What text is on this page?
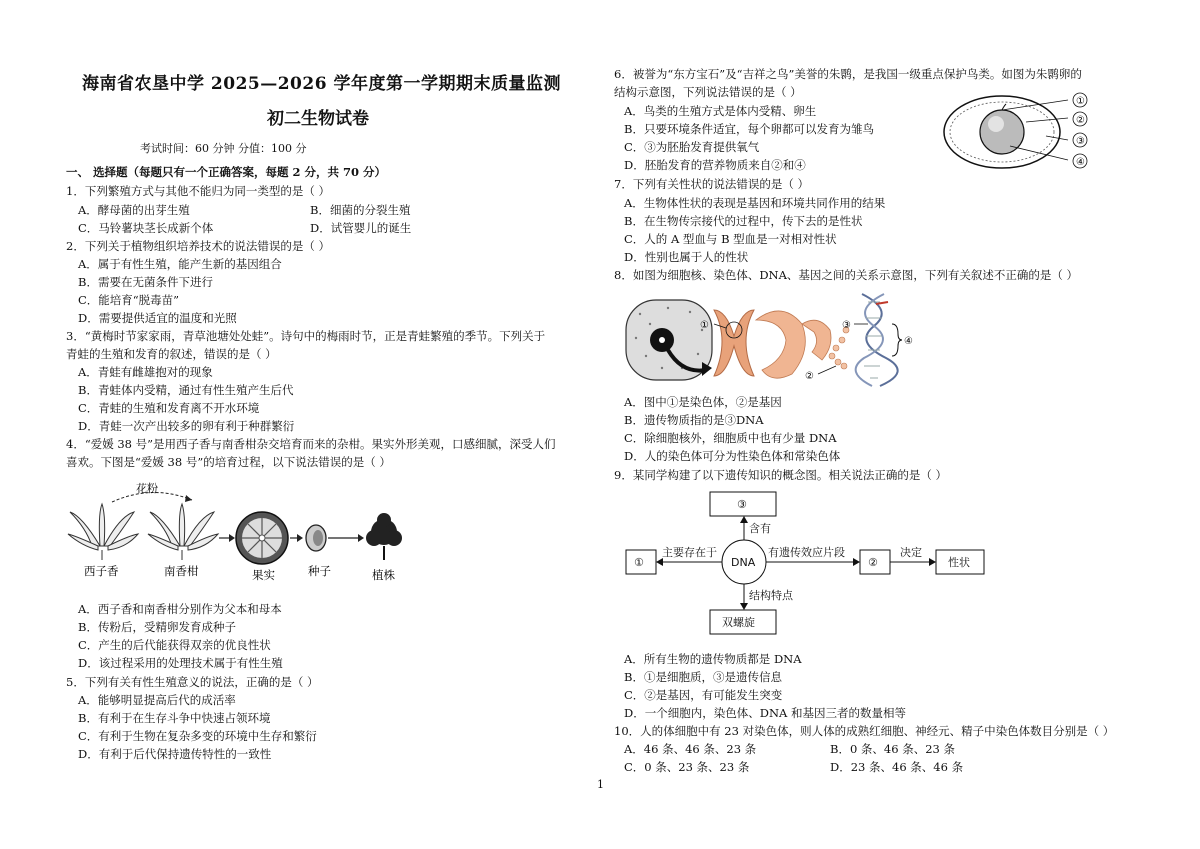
海南省农垦中学 2025—2026 学年度第一学期期末质量监测
初二生物试卷
考试时间：60 分钟 分值：100 分
一、 选择题（每题只有一个正确答案，每题 2 分，共 70 分）
1．下列繁殖方式与其他不能归为同一类型的是（ ）
A．酵母菌的出芽生殖	B．细菌的分裂生殖
C．马铃薯块茎长成新个体	D．试管婴儿的诞生
2．下列关于植物组织培养技术的说法错误的是（ ）
A．属于有性生殖，能产生新的基因组合
B．需要在无菌条件下进行
C．能培育“脱毒苗”
D．需要提供适宜的温度和光照
3．“黄梅时节家家雨，青草池塘处处蛙”。诗句中的梅雨时节，正是青蛙繁殖的季节。下列关于
青蛙的生殖和发育的叙述，错误的是（ ）
A．青蛙有雌雄抱对的现象
B．青蛙体内受精，通过有性生殖产生后代
C．青蛙的生殖和发育离不开水环境
D．青蛙一次产出较多的卵有利于种群繁衍
4．“爱媛 38 号”是用西子香与南香柑杂交培育而来的杂柑。果实外形美观，口感细腻，深受人们
喜欢。下图是“爱媛 38 号”的培育过程，以下说法错误的是（ ）
花粉
西子香	南香柑	果实	种子	植株
A．西子香和南香柑分别作为父本和母本
B．传粉后，受精卵发育成种子
C．产生的后代能获得双亲的优良性状
D．该过程采用的处理技术属于有性生殖
5．下列有关有性生殖意义的说法，正确的是（ ）
A．能够明显提高后代的成活率
B．有利于在生存斗争中快速占领环境
C．有利于生物在复杂多变的环境中生存和繁衍
D．有利于后代保持遗传特性的一致性
6．被誉为“东方宝石”及“吉祥之鸟”美誉的朱鹮，是我国一级重点保护鸟类。如图为朱鹮卵的
结构示意图，下列说法错误的是（ ）
A．鸟类的生殖方式是体内受精、卵生
B．只要环境条件适宜，每个卵都可以发育为雏鸟
C．③为胚胎发育提供氧气
D．胚胎发育的营养物质来自②和④
①
②
③
④
7．下列有关性状的说法错误的是（ ）
A．生物体性状的表现是基因和环境共同作用的结果
B．在生物传宗接代的过程中，传下去的是性状
C．人的 A 型血与 B 型血是一对相对性状
D．性别也属于人的性状
8．如图为细胞核、染色体、DNA、基因之间的关系示意图，下列有关叙述不正确的是（ ）
①
②
③
④
A．图中①是染色体，②是基因
B．遗传物质指的是③DNA
C．除细胞核外，细胞质中也有少量 DNA
D．人的染色体可分为性染色体和常染色体
9．某同学构建了以下遗传知识的概念图。相关说法正确的是（ ）
③
DNA
含有
①
主要存在于	有遗传效应片段
②
决定
性状
结构特点
双螺旋
A．所有生物的遗传物质都是 DNA
B．①是细胞质，③是遗传信息
C．②是基因，有可能发生突变
D．一个细胞内，染色体、DNA 和基因三者的数量相等
10．人的体细胞中有 23 对染色体，则人体的成熟红细胞、神经元、精子中染色体数目分别是（ ）
A．46 条、46 条、23 条	B．0 条、46 条、23 条
C．0 条、23 条、23 条	D．23 条、46 条、46 条
1
